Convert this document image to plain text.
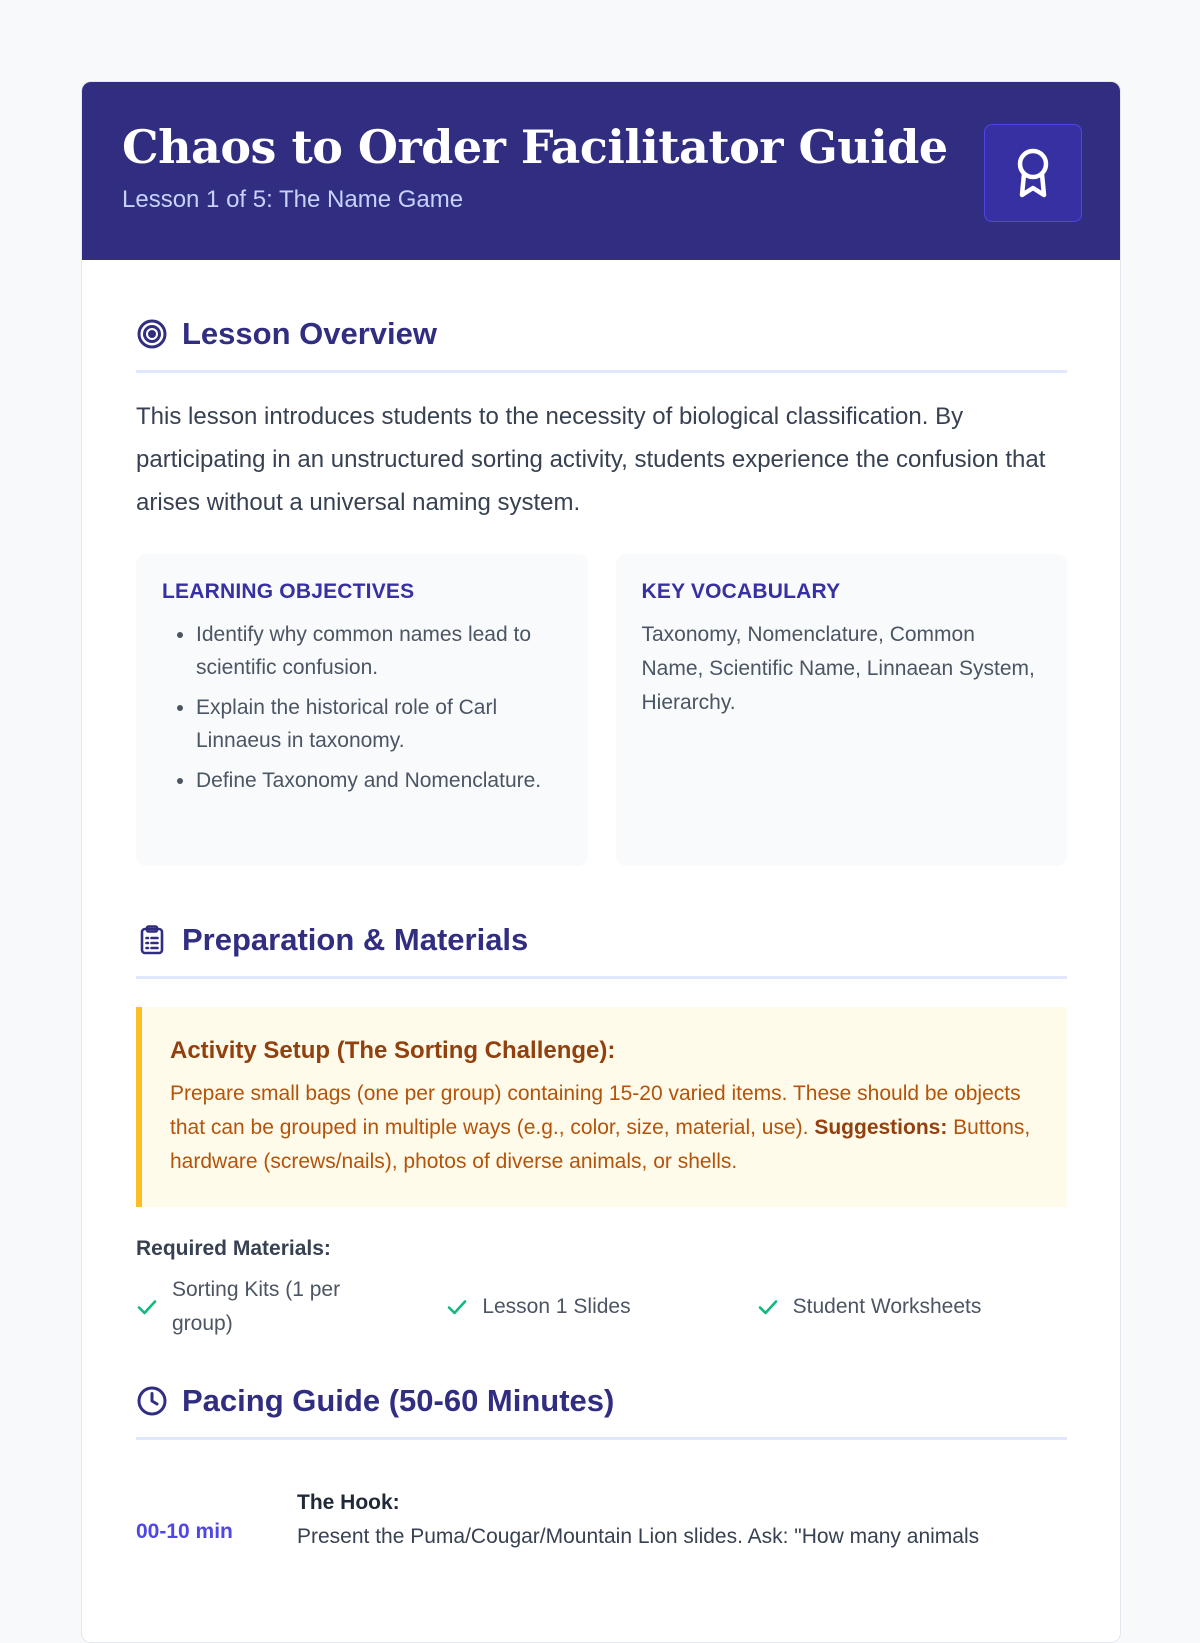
Chaos to Order Facilitator Guide
Lesson 1 of 5: The Name Game
Lesson Overview
This lesson introduces students to the necessity of biological classification. By participating in an unstructured sorting activity, students experience the confusion that arises without a universal naming system.
LEARNING OBJECTIVES
• Identify why common names lead to scientific confusion.
• Explain the historical role of Carl Linnaeus in taxonomy.
• Define Taxonomy and Nomenclature.
KEY VOCABULARY

Taxonomy, Nomenclature, Common Name, Scientific Name, Linnaean System, Hierarchy.

Preparation & Materials
Activity Setup (The Sorting Challenge):

Prepare small bags (one per group) containing 15-20 varied items. These should be objects that can be grouped in multiple ways (e.g., color, size, material, use). Suggestions: Buttons, hardware (screws/nails), photos of diverse animals, or shells.

Required Materials:
Sorting Kits (1 per group)
Lesson 1 Slides	Student Worksheets
Pacing Guide (50-60 Minutes)
00-10 min
The Hook:
Present the Puma/Cougar/Mountain Lion slides. Ask: "How many animals
